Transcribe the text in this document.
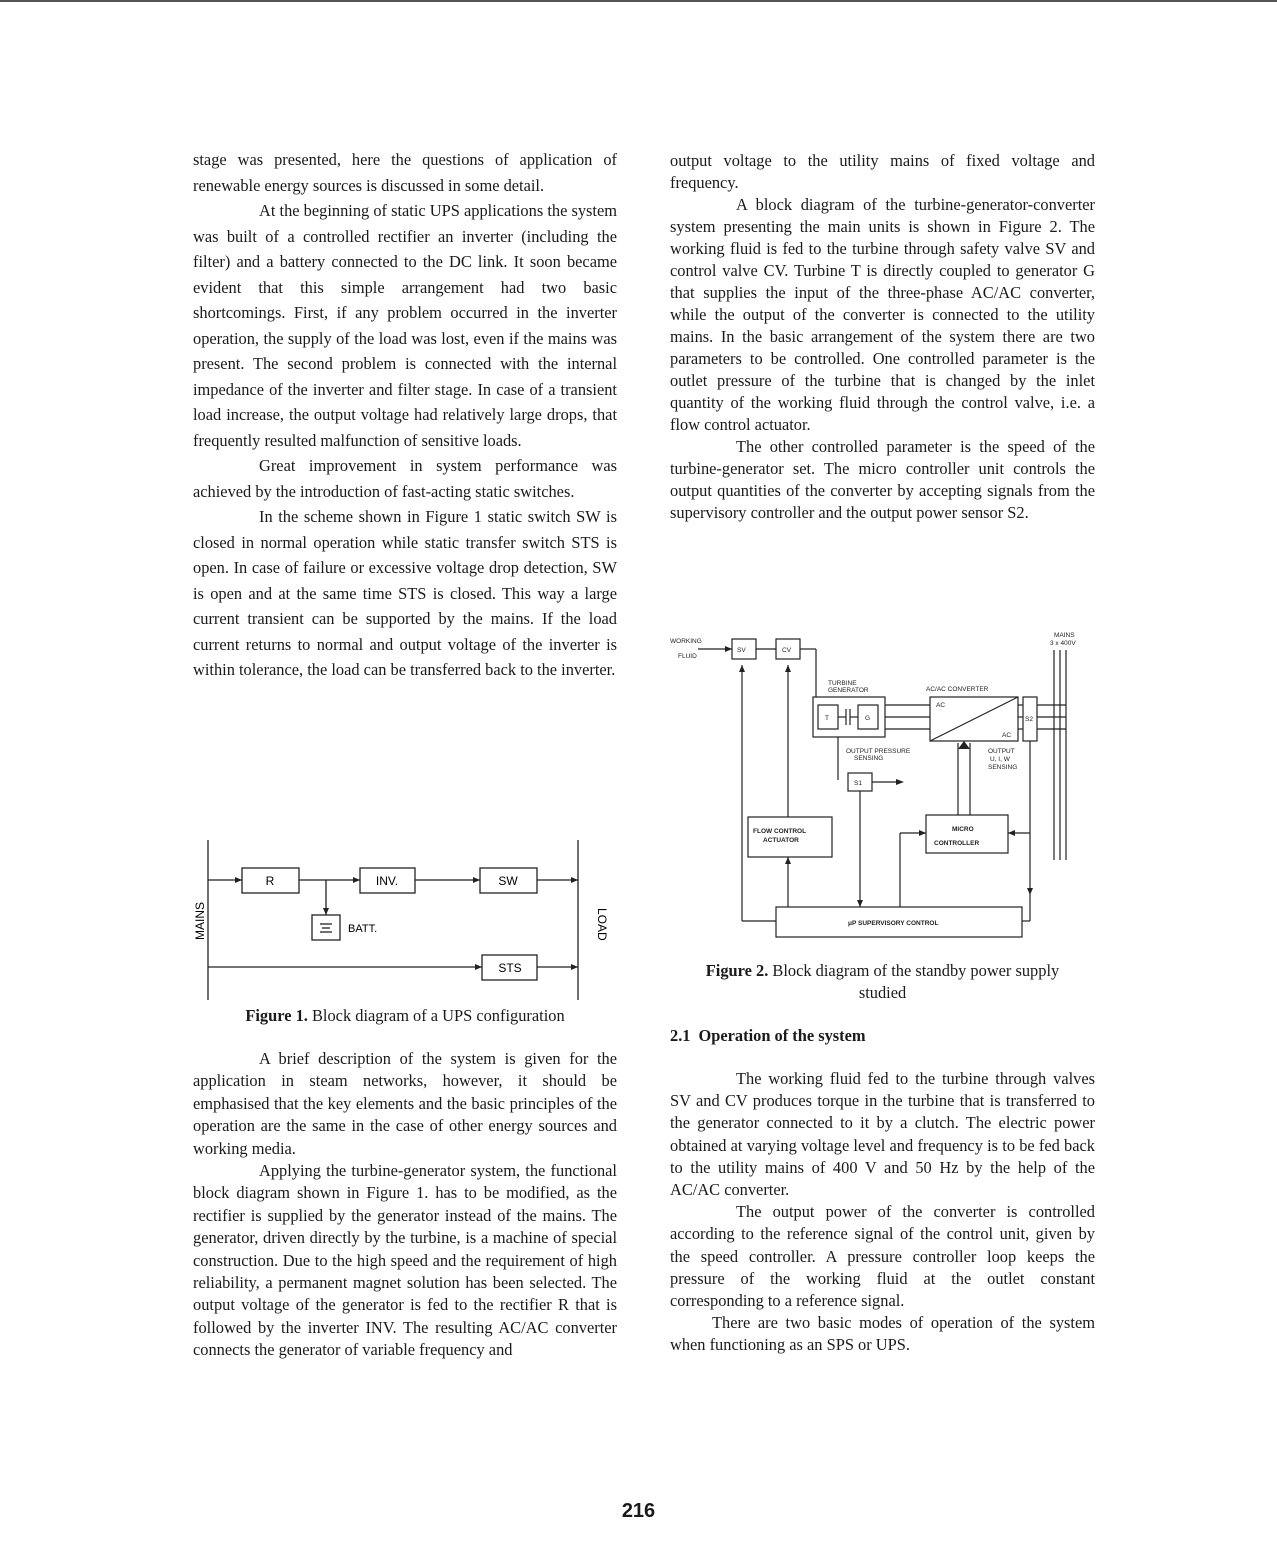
stage was presented, here the questions of application of renewable energy sources is discussed in some detail.

At the beginning of static UPS applications the system was built of a controlled rectifier an inverter (including the filter) and a battery connected to the DC link. It soon became evident that this simple arrangement had two basic shortcomings. First, if any problem occurred in the inverter operation, the supply of the load was lost, even if the mains was present. The second problem is connected with the internal impedance of the inverter and filter stage. In case of a transient load increase, the output voltage had relatively large drops, that frequently resulted malfunction of sensitive loads.

Great improvement in system performance was achieved by the introduction of fast-acting static switches.

In the scheme shown in Figure 1 static switch SW is closed in normal operation while static transfer switch STS is open. In case of failure or excessive voltage drop detection, SW is open and at the same time STS is closed. This way a large current transient can be supported by the mains. If the load current returns to normal and output voltage of the inverter is within tolerance, the load can be transferred back to the inverter.

R	INV.	SW
BATT.
STS
MAINS	LOAD
Figure 1. Block diagram of a UPS configuration

A brief description of the system is given for the application in steam networks, however, it should be emphasised that the key elements and the basic principles of the operation are the same in the case of other energy sources and working media.

Applying the turbine-generator system, the functional block diagram shown in Figure 1. has to be modified, as the rectifier is supplied by the generator instead of the mains. The generator, driven directly by the turbine, is a machine of special construction. Due to the high speed and the requirement of high reliability, a permanent magnet solution has been selected. The output voltage of the generator is fed to the rectifier R that is followed by the inverter INV. The resulting AC/AC converter connects the generator of variable frequency and

output voltage to the utility mains of fixed voltage and frequency.

A block diagram of the turbine-generator-converter system presenting the main units is shown in Figure 2. The working fluid is fed to the turbine through safety valve SV and control valve CV. Turbine T is directly coupled to generator G that supplies the input of the three-phase AC/AC converter, while the output of the converter is connected to the utility mains. In the basic arrangement of the system there are two parameters to be controlled. One controlled parameter is the outlet pressure of the turbine that is changed by the inlet quantity of the working fluid through the control valve, i.e. a flow control actuator.

The other controlled parameter is the speed of the turbine-generator set. The micro controller unit controls the output quantities of the converter by accepting signals from the supervisory controller and the output power sensor S2.

WORKING
FLUID
SV	CV
MAINS
3 x 400V
TURBINE
GENERATOR	AC/AC CONVERTER
T	G
AC
AC
S2
OUTPUT PRESSURE
SENSING
S1
OUTPUT
U, I, W
SENSING
FLOW CONTROL
ACTUATOR
MICRO
CONTROLLER
μP SUPERVISORY CONTROL
Figure 2. Block diagram of the standby power supply
studied
2.1 Operation of the system

The working fluid fed to the turbine through valves SV and CV produces torque in the turbine that is transferred to the generator connected to it by a clutch. The electric power obtained at varying voltage level and frequency is to be fed back to the utility mains of 400 V and 50 Hz by the help of the AC/AC converter.

The output power of the converter is controlled according to the reference signal of the control unit, given by the speed controller. A pressure controller loop keeps the pressure of the working fluid at the outlet constant corresponding to a reference signal.

There are two basic modes of operation of the system when functioning as an SPS or UPS.

216
